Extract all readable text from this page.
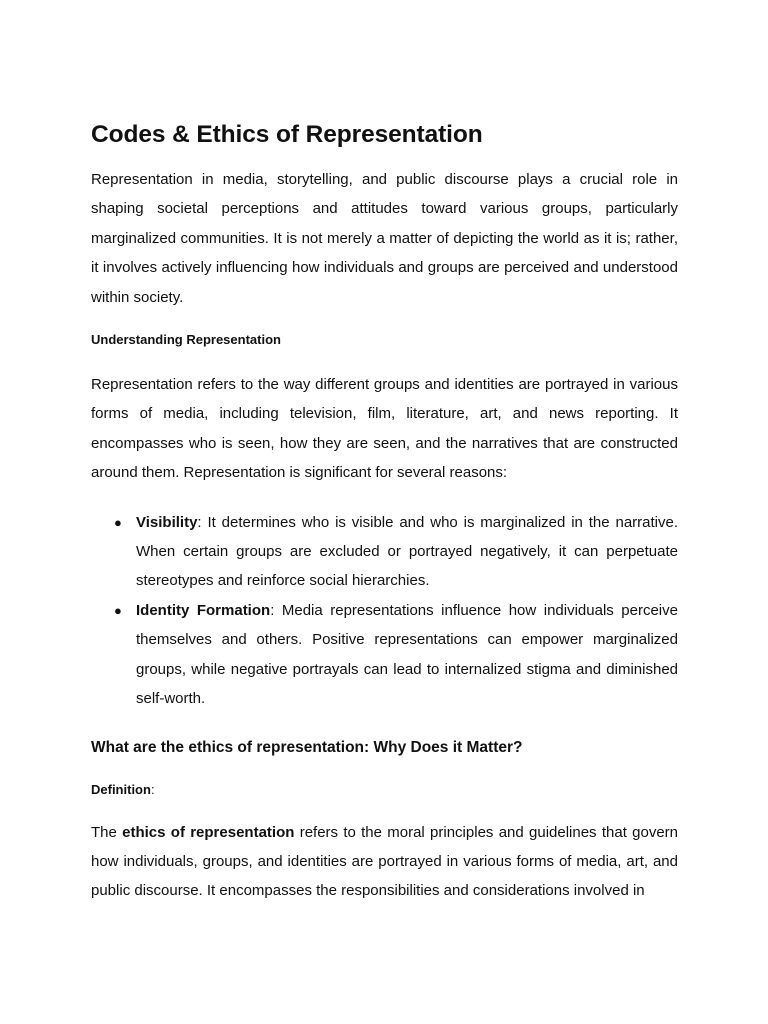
Codes & Ethics of Representation

Representation in media, storytelling, and public discourse plays a crucial role in shaping societal perceptions and attitudes toward various groups, particularly marginalized communities. It is not merely a matter of depicting the world as it is; rather, it involves actively influencing how individuals and groups are perceived and understood within society.

Understanding Representation

Representation refers to the way different groups and identities are portrayed in various forms of media, including television, film, literature, art, and news reporting. It encompasses who is seen, how they are seen, and the narratives that are constructed around them. Representation is significant for several reasons:

● Visibility: It determines who is visible and who is marginalized in the narrative. When certain groups are excluded or portrayed negatively, it can perpetuate stereotypes and reinforce social hierarchies.

● Identity Formation: Media representations influence how individuals perceive themselves and others. Positive representations can empower marginalized groups, while negative portrayals can lead to internalized stigma and diminished self-worth.

What are the ethics of representation: Why Does it Matter?
Definition:

The ethics of representation refers to the moral principles and guidelines that govern how individuals, groups, and identities are portrayed in various forms of media, art, and public discourse. It encompasses the responsibilities and considerations involved in
